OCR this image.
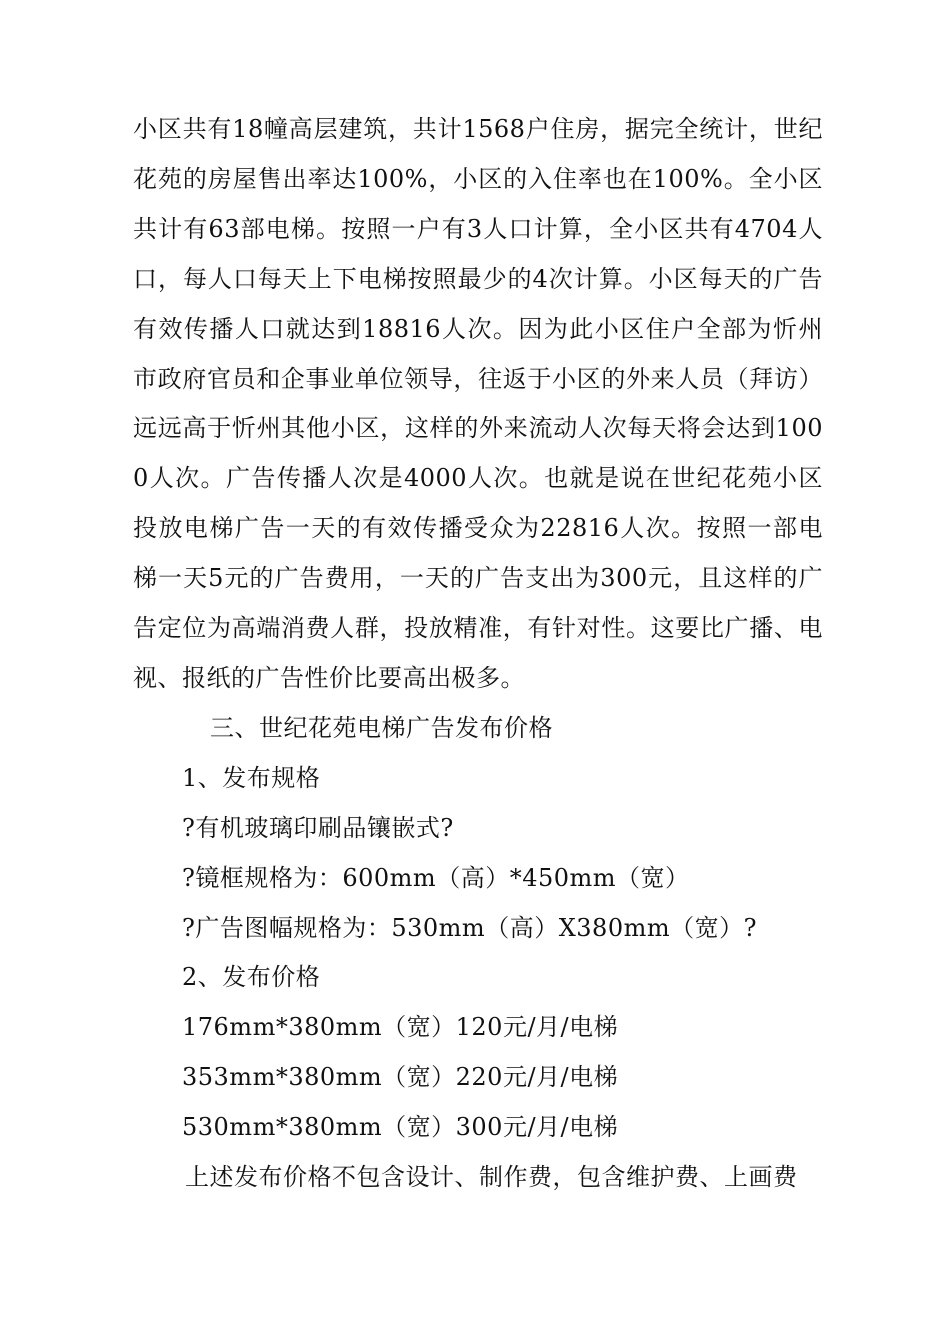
小区共有18幢高层建筑，共计1568户住房，据完全统计，世纪花苑的房屋售出率达100%，小区的入住率也在100%。全小区共计有63部电梯。按照一户有3人口计算，全小区共有4704人口，每人口每天上下电梯按照最少的4次计算。小区每天的广告有效传播人口就达到18816人次。因为此小区住户全部为忻州市政府官员和企事业单位领导，往返于小区的外来人员（拜访）远远高于忻州其他小区，这样的外来流动人次每天将会达到1000人次。广告传播人次是4000人次。也就是说在世纪花苑小区投放电梯广告一天的有效传播受众为22816人次。按照一部电梯一天5元的广告费用，一天的广告支出为300元，且这样的广告定位为高端消费人群，投放精准，有针对性。这要比广播、电视、报纸的广告性价比要高出极多。

三、世纪花苑电梯广告发布价格

1、发布规格

?有机玻璃印刷品镶嵌式?

?镜框规格为：600mm（高）*450mm（宽）

?广告图幅规格为：530mm（高）X380mm（宽）?

2、发布价格

176mm*380mm（宽）120元/月/电梯

353mm*380mm（宽）220元/月/电梯

530mm*380mm（宽）300元/月/电梯

上述发布价格不包含设计、制作费，包含维护费、上画费
